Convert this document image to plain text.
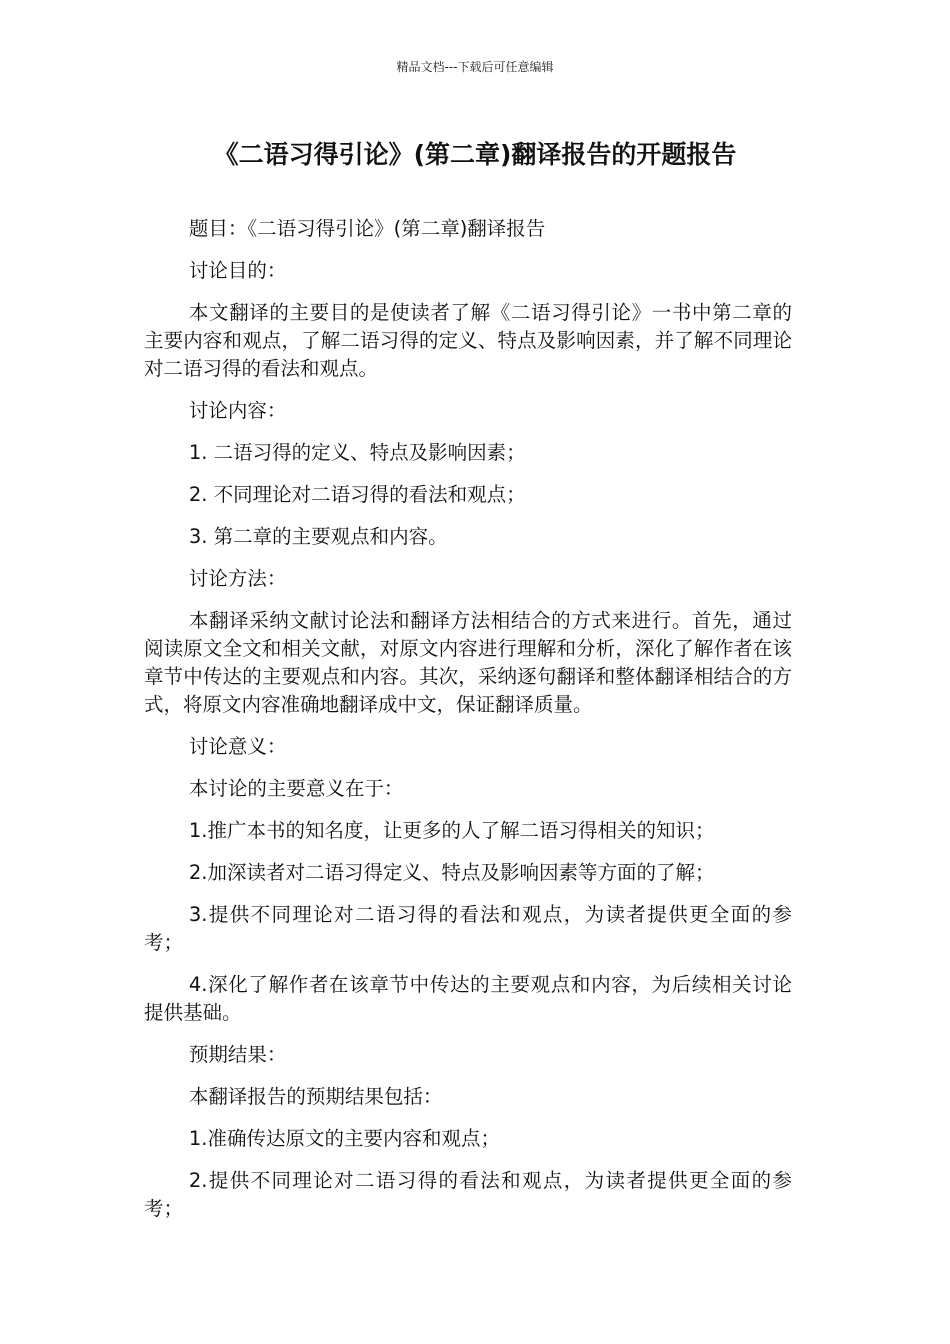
精品文档---下载后可任意编辑
《二语习得引论》(第二章)翻译报告的开题报告

题目：《二语习得引论》(第二章)翻译报告

讨论目的：

本文翻译的主要目的是使读者了解《二语习得引论》一书中第二章的主要内容和观点，了解二语习得的定义、特点及影响因素，并了解不同理论对二语习得的看法和观点。

讨论内容：

1. 二语习得的定义、特点及影响因素；

2. 不同理论对二语习得的看法和观点；

3. 第二章的主要观点和内容。

讨论方法：

本翻译采纳文献讨论法和翻译方法相结合的方式来进行。首先，通过阅读原文全文和相关文献，对原文内容进行理解和分析，深化了解作者在该章节中传达的主要观点和内容。其次，采纳逐句翻译和整体翻译相结合的方式，将原文内容准确地翻译成中文，保证翻译质量。

讨论意义：

本讨论的主要意义在于：

1.推广本书的知名度，让更多的人了解二语习得相关的知识；

2.加深读者对二语习得定义、特点及影响因素等方面的了解；

3.提供不同理论对二语习得的看法和观点，为读者提供更全面的参考；

4.深化了解作者在该章节中传达的主要观点和内容，为后续相关讨论提供基础。

预期结果：

本翻译报告的预期结果包括：

1.准确传达原文的主要内容和观点；

2.提供不同理论对二语习得的看法和观点，为读者提供更全面的参考；
